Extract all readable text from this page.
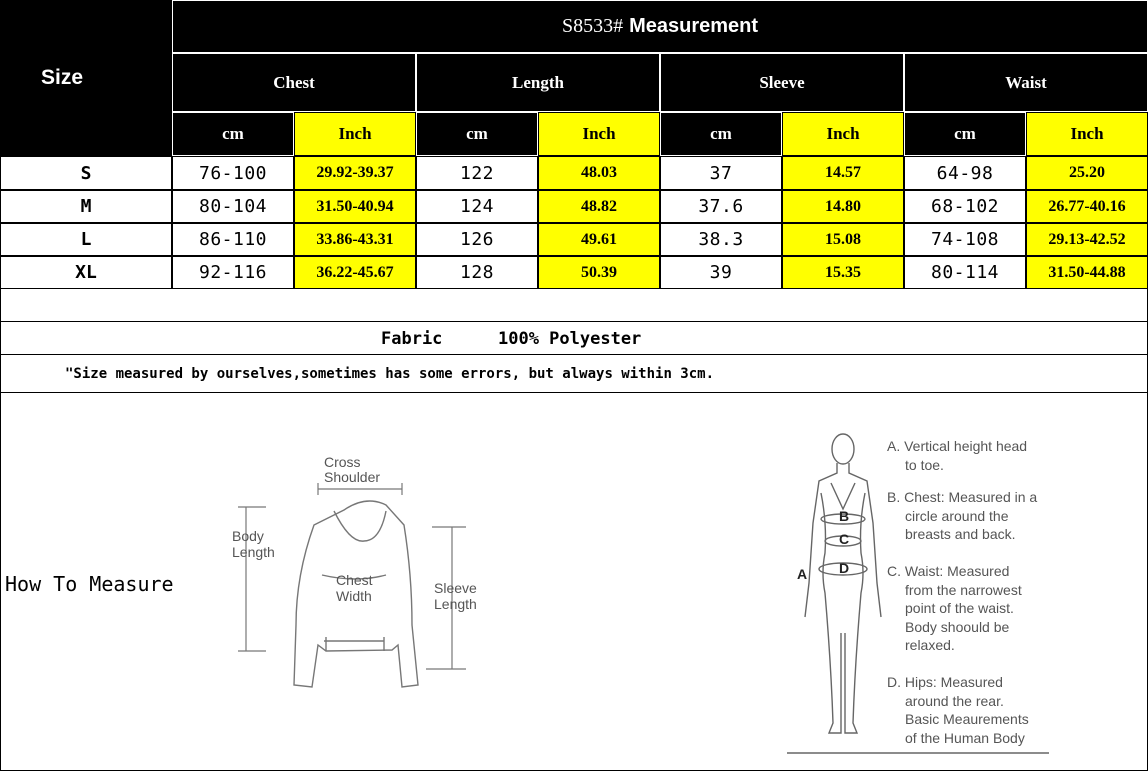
Size
S8533# Measurement
Chest	Length	Sleeve	Waist
cm	Inch	cm	Inch	cm	Inch	cm	Inch
S	76-100	29.92-39.37	122	48.03	37	14.57	64-98	25.20
M	80-104	31.50-40.94	124	48.82	37.6	14.80	68-102	26.77-40.16
L	86-110	33.86-43.31	126	49.61	38.3	15.08	74-108	29.13-42.52
XL	92-116	36.22-45.67	128	50.39	39	15.35	80-114	31.50-44.88
Fabric	100% Polyester
"Size measured by ourselves,sometimes has some errors, but always within 3cm.
How To Measure
Cross
Shoulder
Body
Length
Chest
Width	Sleeve
Length
A
B
C
D
A. Vertical height head
to toe.
B. Chest: Measured in a
circle around the
breasts and back.
C. Waist: Measured
from the narrowest
point of the waist.
Body shoould be
relaxed.
D. Hips: Measured
around the rear.
Basic Meaurements
of the Human Body
